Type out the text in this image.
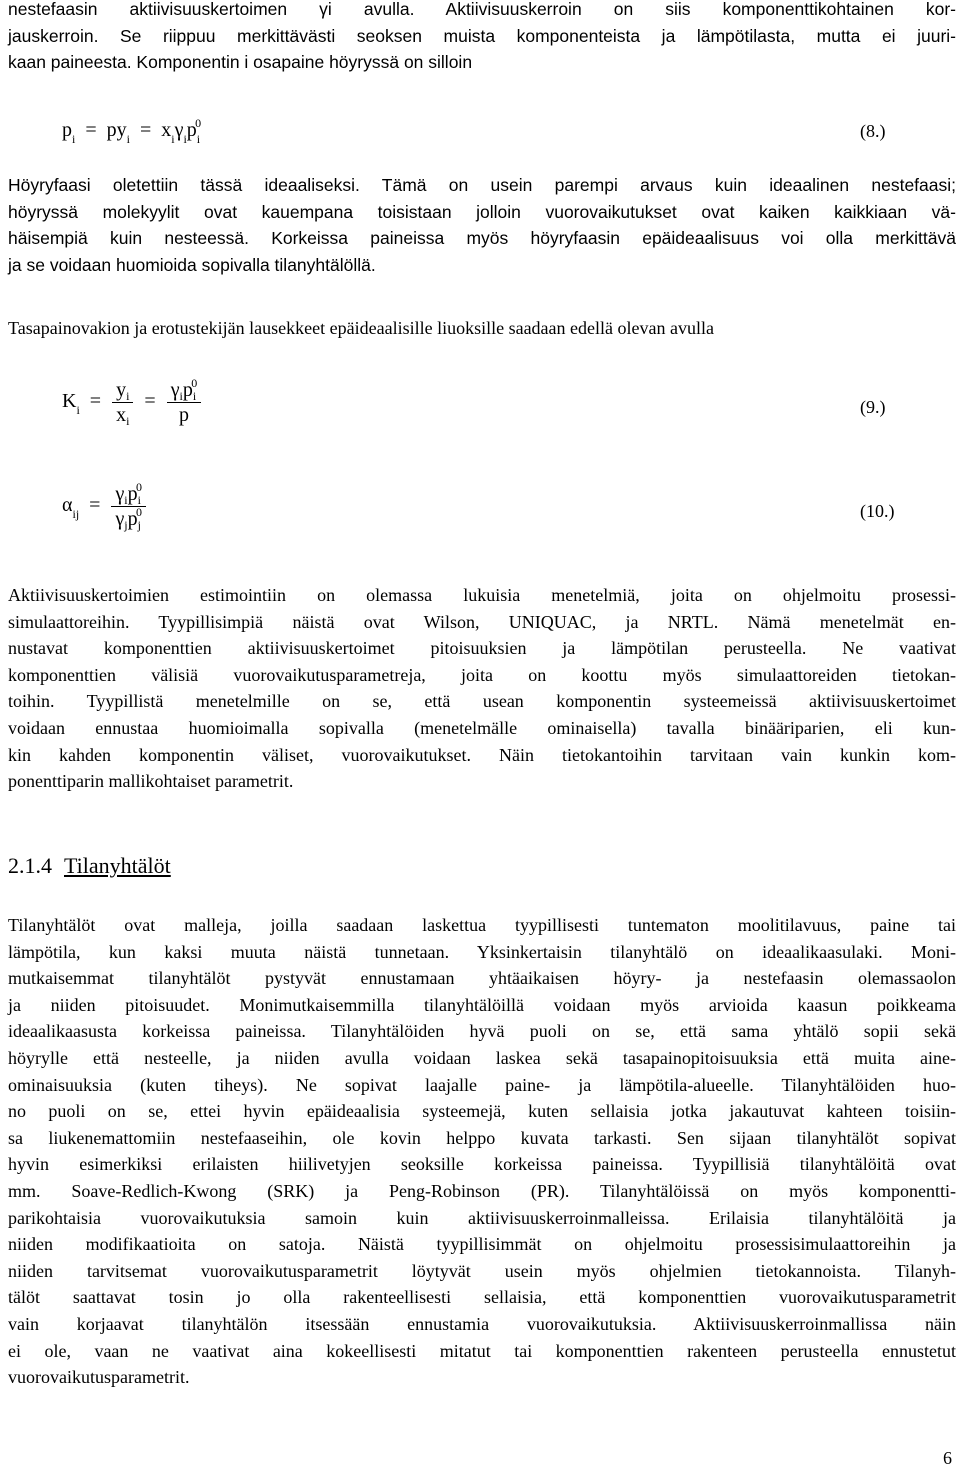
nestefaasin aktiivisuuskertoimen γi avulla. Aktiivisuuskerroin on siis komponenttikohtainen kor-
jauskerroin. Se riippuu merkittävästi seoksen muista komponenteista ja lämpötilasta, mutta ei juuri-
kaan paineesta. Komponentin i osapaine höyryssä on silloin
$p_i = py_i = x_i\gamma_ip_i^0$	(8.)
Höyryfaasi oletettiin tässä ideaaliseksi. Tämä on usein parempi arvaus kuin ideaalinen nestefaasi;
höyryssä molekyylit ovat kauempana toisistaan jolloin vuorovaikutukset ovat kaiken kaikkiaan vä-
häisempiä kuin nesteessä. Korkeissa paineissa myös höyryfaasin epäideaalisuus voi olla merkittävä
ja se voidaan huomioida sopivalla tilanyhtälöllä.
Tasapainovakion ja erotustekijän lausekkeet epäideaalisille liuoksille saadaan edellä olevan avulla
$K_i = \frac{y_i}{x_i} = \frac{\gamma_ip_i^0}{p}$	(9.)
$\alpha_{ij} = \frac{\gamma_ip_i^0}{\gamma_jp_j^0}$	(10.)
Aktiivisuuskertoimien estimointiin on olemassa lukuisia menetelmiä, joita on ohjelmoitu prosessi-
simulaattoreihin. Tyypillisimpiä näistä ovat Wilson, UNIQUAC, ja NRTL. Nämä menetelmät en-
nustavat komponenttien aktiivisuuskertoimet pitoisuuksien ja lämpötilan perusteella. Ne vaativat
komponenttien välisiä vuorovaikutusparametreja, joita on koottu myös simulaattoreiden tietokan-
toihin. Tyypillistä menetelmille on se, että usean komponentin systeemeissä aktiivisuuskertoimet
voidaan ennustaa huomioimalla sopivalla (menetelmälle ominaisella) tavalla binääriparien, eli kun-
kin kahden komponentin väliset, vuorovaikutukset. Näin tietokantoihin tarvitaan vain kunkin kom-
ponenttiparin mallikohtaiset parametrit.
2.1.4 Tilanyhtälöt
Tilanyhtälöt ovat malleja, joilla saadaan laskettua tyypillisesti tuntematon moolitilavuus, paine tai
lämpötila, kun kaksi muuta näistä tunnetaan. Yksinkertaisin tilanyhtälö on ideaalikaasulaki. Moni-
mutkaisemmat tilanyhtälöt pystyvät ennustamaan yhtäaikaisen höyry- ja nestefaasin olemassaolon
ja niiden pitoisuudet. Monimutkaisemmilla tilanyhtälöillä voidaan myös arvioida kaasun poikkeama
ideaalikaasusta korkeissa paineissa. Tilanyhtälöiden hyvä puoli on se, että sama yhtälö sopii sekä
höyrylle että nesteelle, ja niiden avulla voidaan laskea sekä tasapainopitoisuuksia että muita aine-
ominaisuuksia (kuten tiheys). Ne sopivat laajalle paine- ja lämpötila-alueelle. Tilanyhtälöiden huo-
no puoli on se, ettei hyvin epäideaalisia systeemejä, kuten sellaisia jotka jakautuvat kahteen toisiin-
sa liukenemattomiin nestefaaseihin, ole kovin helppo kuvata tarkasti. Sen sijaan tilanyhtälöt sopivat
hyvin esimerkiksi erilaisten hiilivetyjen seoksille korkeissa paineissa. Tyypillisiä tilanyhtälöitä ovat
mm. Soave-Redlich-Kwong (SRK) ja Peng-Robinson (PR). Tilanyhtälöissä on myös komponentti-
parikohtaisia vuorovaikutuksia samoin kuin aktiivisuuskerroinmalleissa. Erilaisia tilanyhtälöitä ja
niiden modifikaatioita on satoja. Näistä tyypillisimmät on ohjelmoitu prosessisimulaattoreihin ja
niiden tarvitsemat vuorovaikutusparametrit löytyvät usein myös ohjelmien tietokannoista. Tilanyh-
tälöt saattavat tosin jo olla rakenteellisesti sellaisia, että komponenttien vuorovaikutusparametrit
vain korjaavat tilanyhtälön itsessään ennustamia vuorovaikutuksia. Aktiivisuuskerroinmallissa näin
ei ole, vaan ne vaativat aina kokeellisesti mitatut tai komponenttien rakenteen perusteella ennustetut
vuorovaikutusparametrit.
6
